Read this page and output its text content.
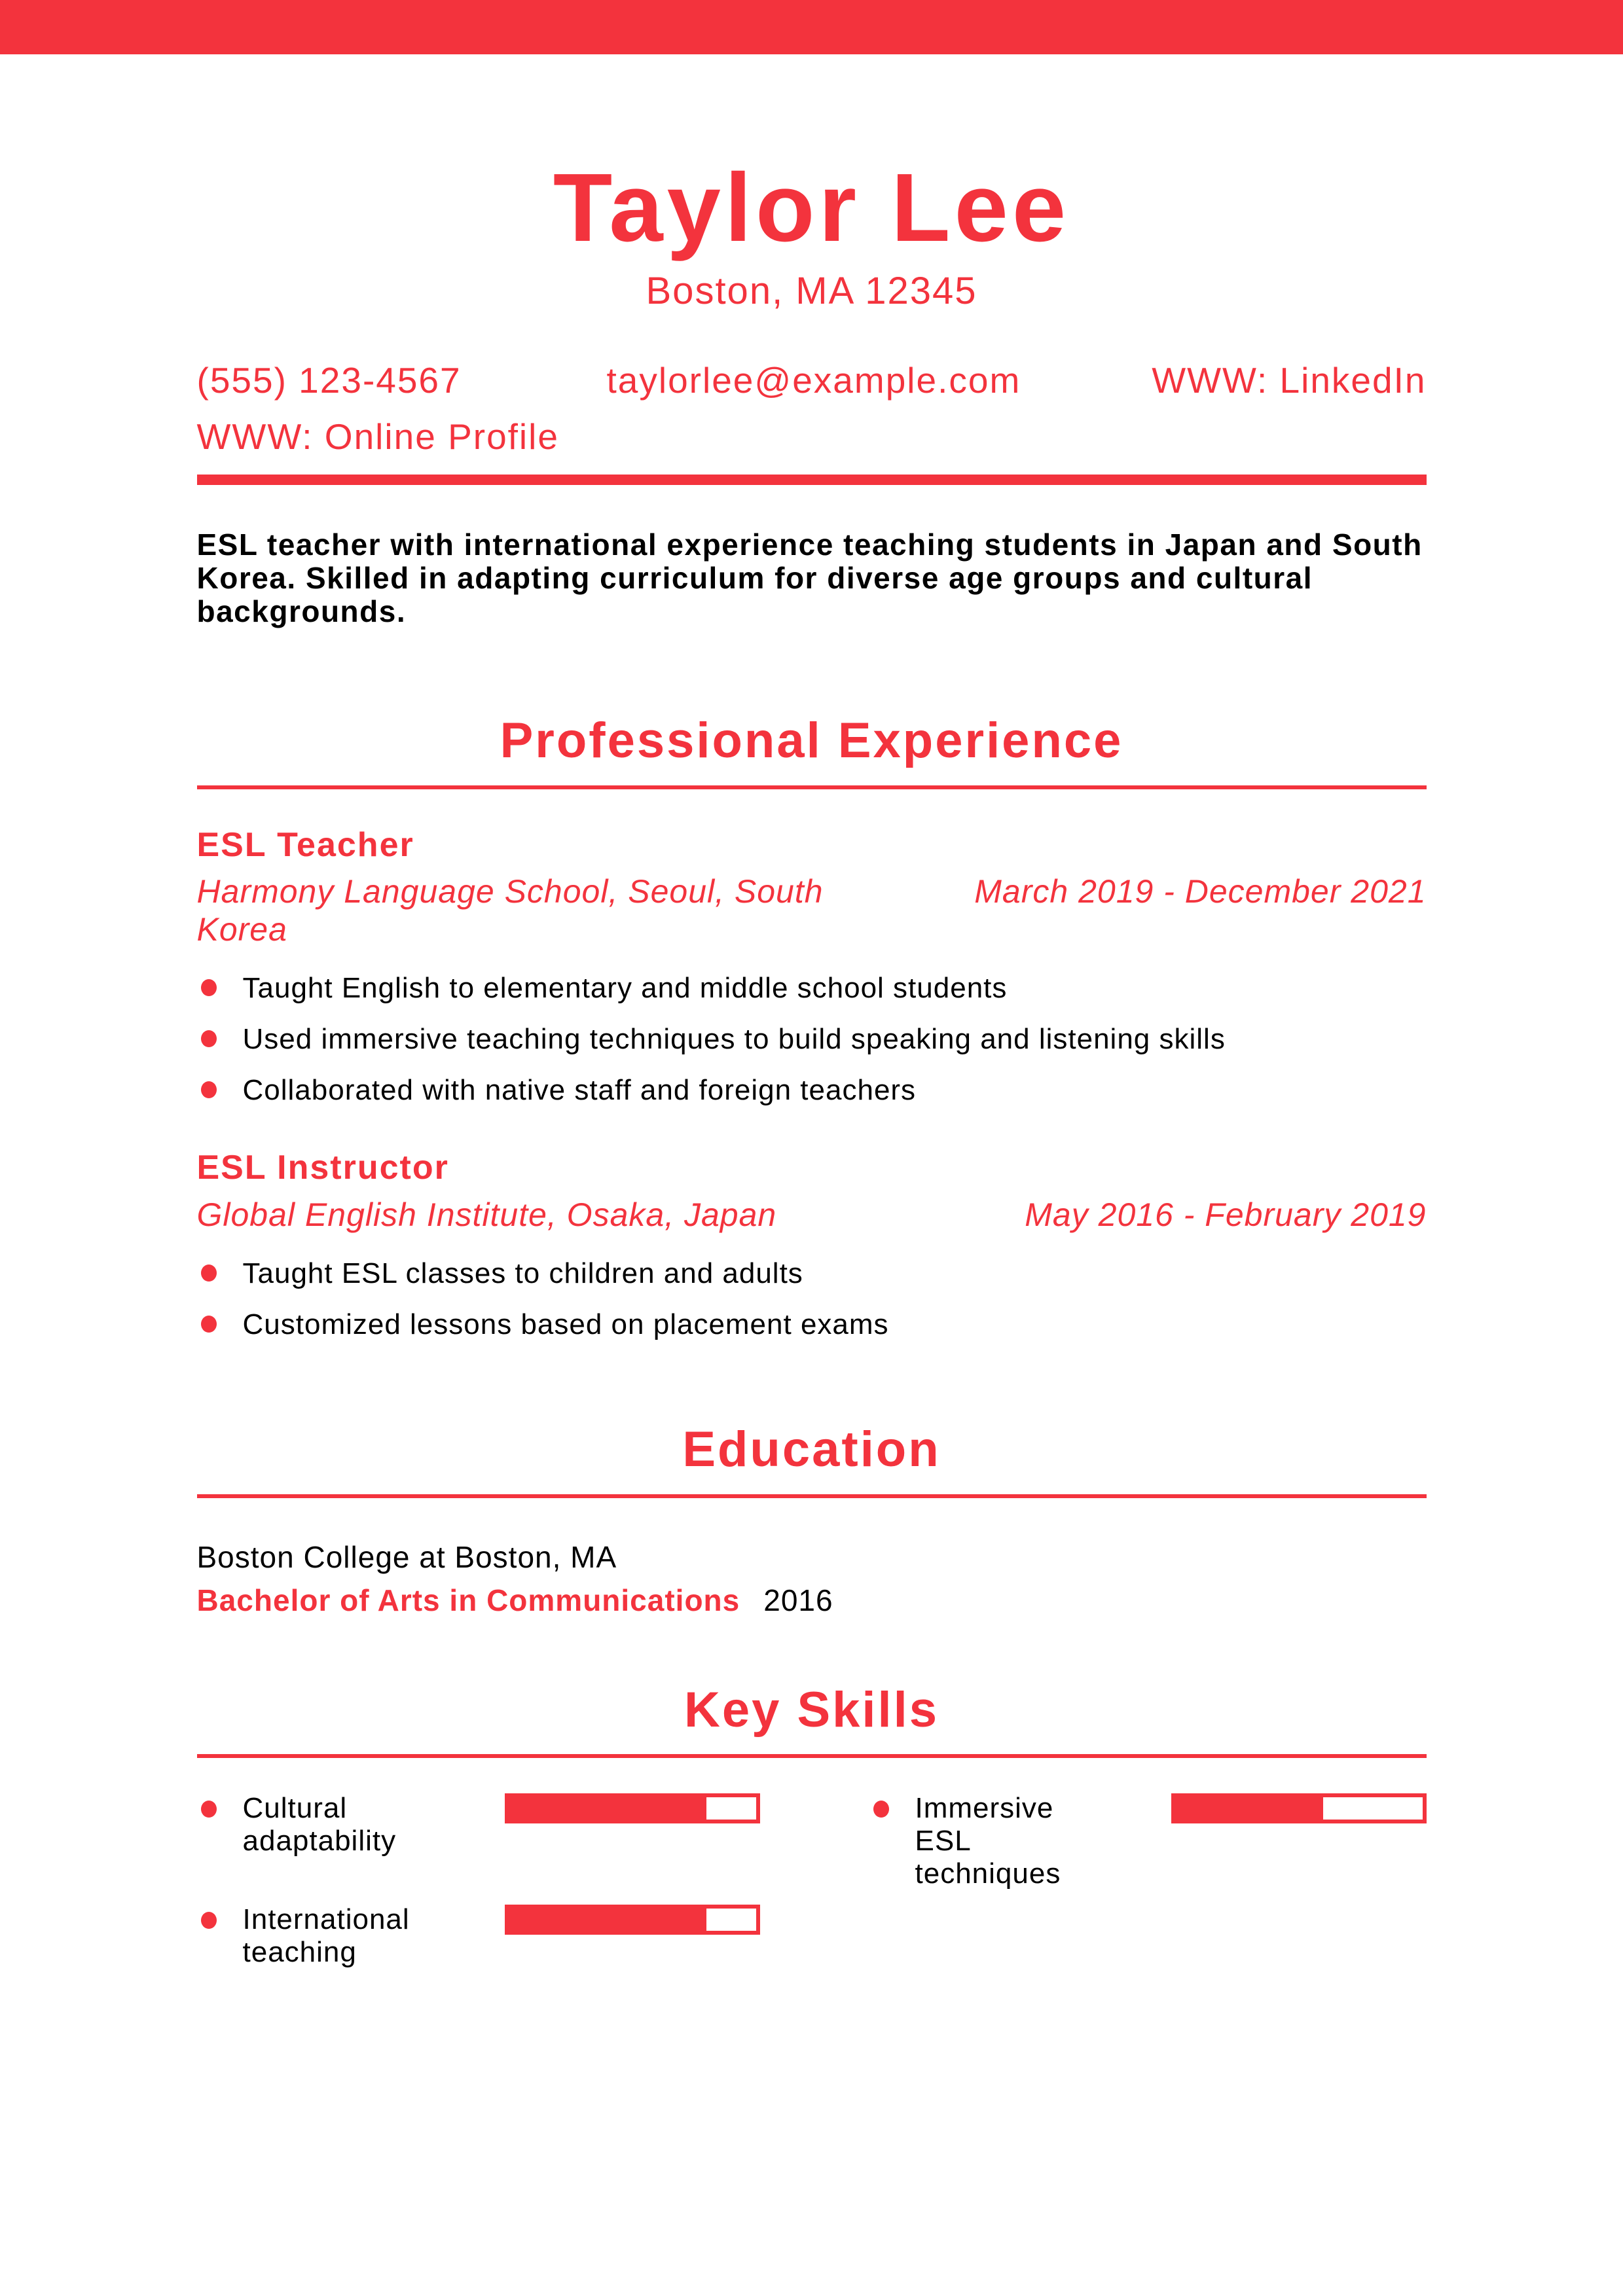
Taylor Lee
Boston, MA 12345
(555) 123-4567	taylorlee@example.com	WWW: LinkedIn
WWW: Online Profile
ESL teacher with international experience teaching students in Japan and South Korea. Skilled in adapting curriculum for diverse age groups and cultural backgrounds.
Professional Experience
ESL Teacher
Harmony Language School, Seoul, South Korea
March 2019 - December 2021
Taught English to elementary and middle school students
Used immersive teaching techniques to build speaking and listening skills
Collaborated with native staff and foreign teachers
ESL Instructor
Global English Institute, Osaka, Japan	May 2016 - February 2019
Taught ESL classes to children and adults
Customized lessons based on placement exams
Education
Boston College at Boston, MA
Bachelor of Arts in Communications 2016
Key Skills
Cultural adaptability
International teaching
Immersive ESL techniques
